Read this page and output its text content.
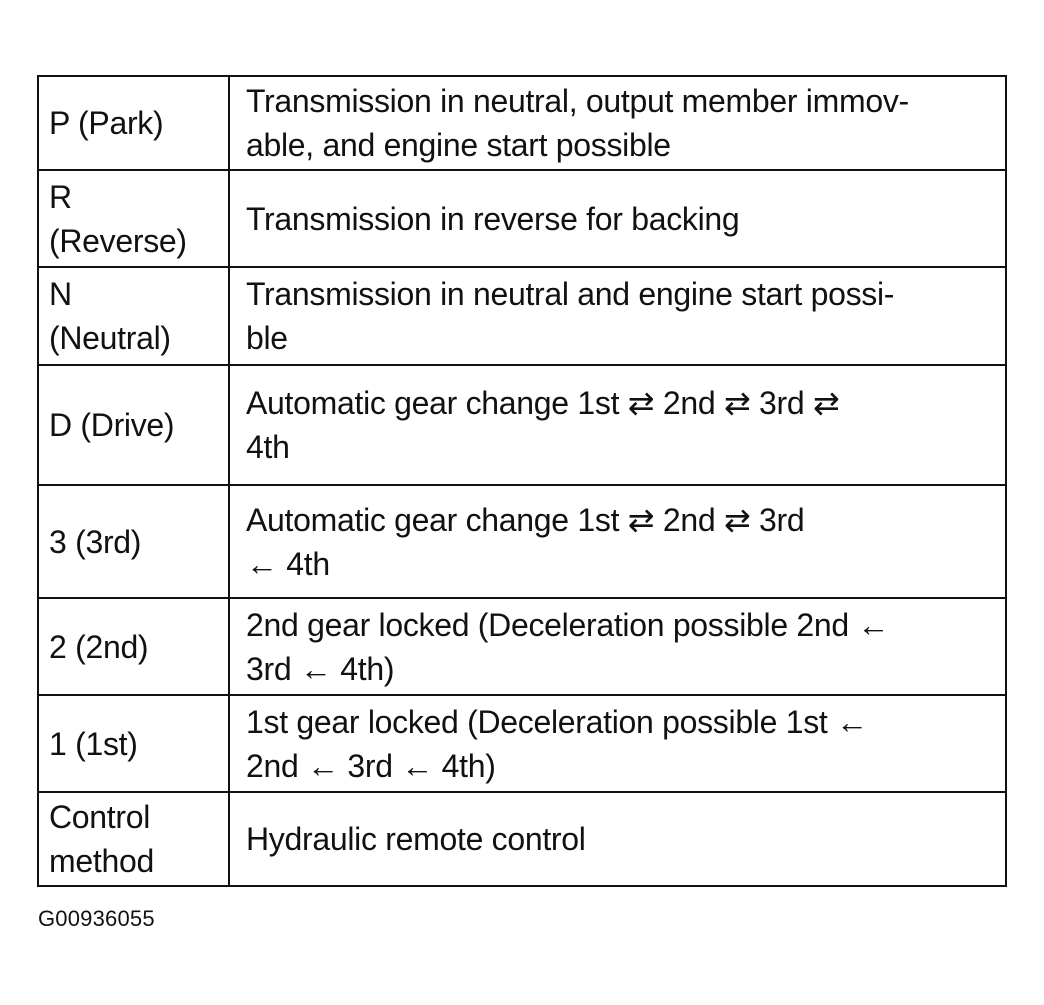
P (Park)	Transmission in neutral, output member immov-
able, and engine start possible

R
(Reverse)	Transmission in reverse for backing

N
(Neutral)	Transmission in neutral and engine start possi-
ble

D (Drive)	Automatic gear change 1st ⇄ 2nd ⇄ 3rd ⇄
4th

3 (3rd)	Automatic gear change 1st ⇄ 2nd ⇄ 3rd
← 4th

2 (2nd)	2nd gear locked (Deceleration possible 2nd ←
3rd ← 4th)

1 (1st)	1st gear locked (Deceleration possible 1st ←
2nd ← 3rd ← 4th)

Control
method	Hydraulic remote control
G00936055
